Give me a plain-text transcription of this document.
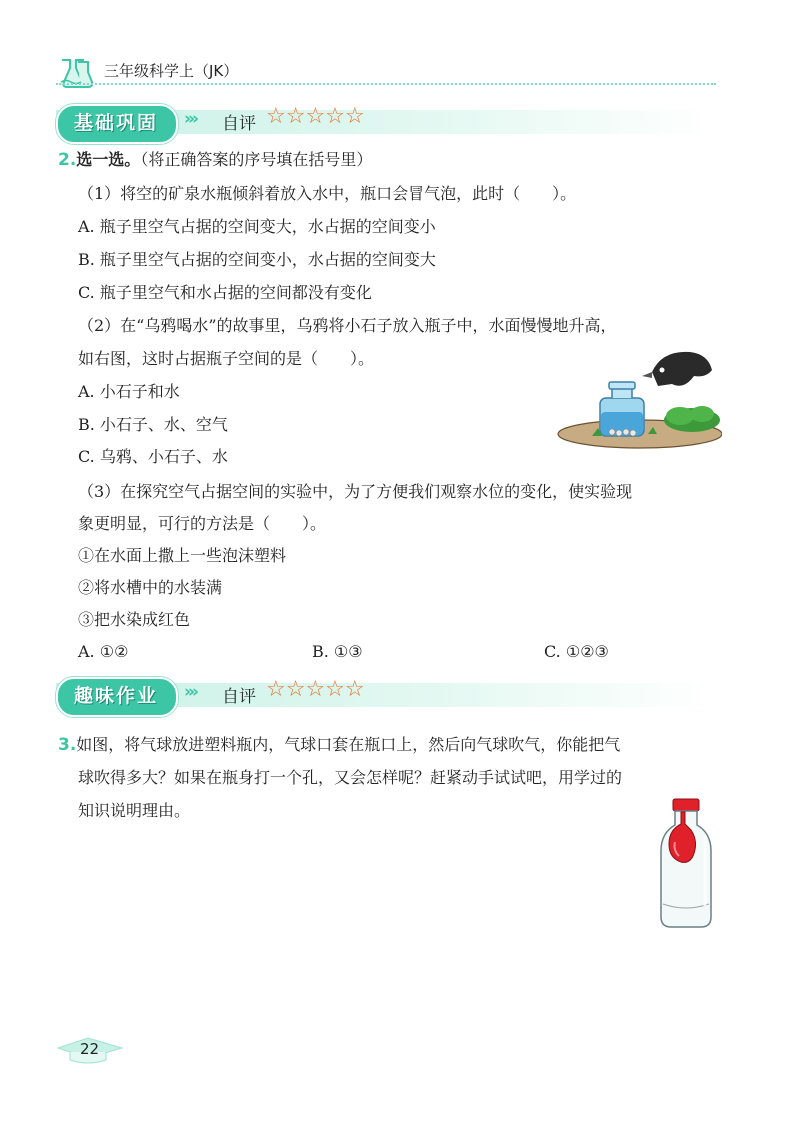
三年级科学上（JK）
基础巩固	››› 自评 ☆☆☆☆☆
2.选一选。（将正确答案的序号填在括号里）
（1）将空的矿泉水瓶倾斜着放入水中，瓶口会冒气泡，此时（　　）。
A. 瓶子里空气占据的空间变大，水占据的空间变小
B. 瓶子里空气占据的空间变小，水占据的空间变大
C. 瓶子里空气和水占据的空间都没有变化
（2）在“乌鸦喝水”的故事里，乌鸦将小石子放入瓶子中，水面慢慢地升高，
如右图，这时占据瓶子空间的是（　　）。
A. 小石子和水
B. 小石子、水、空气
C. 乌鸦、小石子、水
（3）在探究空气占据空间的实验中，为了方便我们观察水位的变化，使实验现
象更明显，可行的方法是（　　）。
①在水面上撒上一些泡沫塑料
②将水槽中的水装满
③把水染成红色
A. ①②	B. ①③	C. ①②③
趣味作业	››› 自评 ☆☆☆☆☆
3.如图，将气球放进塑料瓶内，气球口套在瓶口上，然后向气球吹气，你能把气
球吹得多大？如果在瓶身打一个孔，又会怎样呢？赶紧动手试试吧，用学过的
知识说明理由。
22
